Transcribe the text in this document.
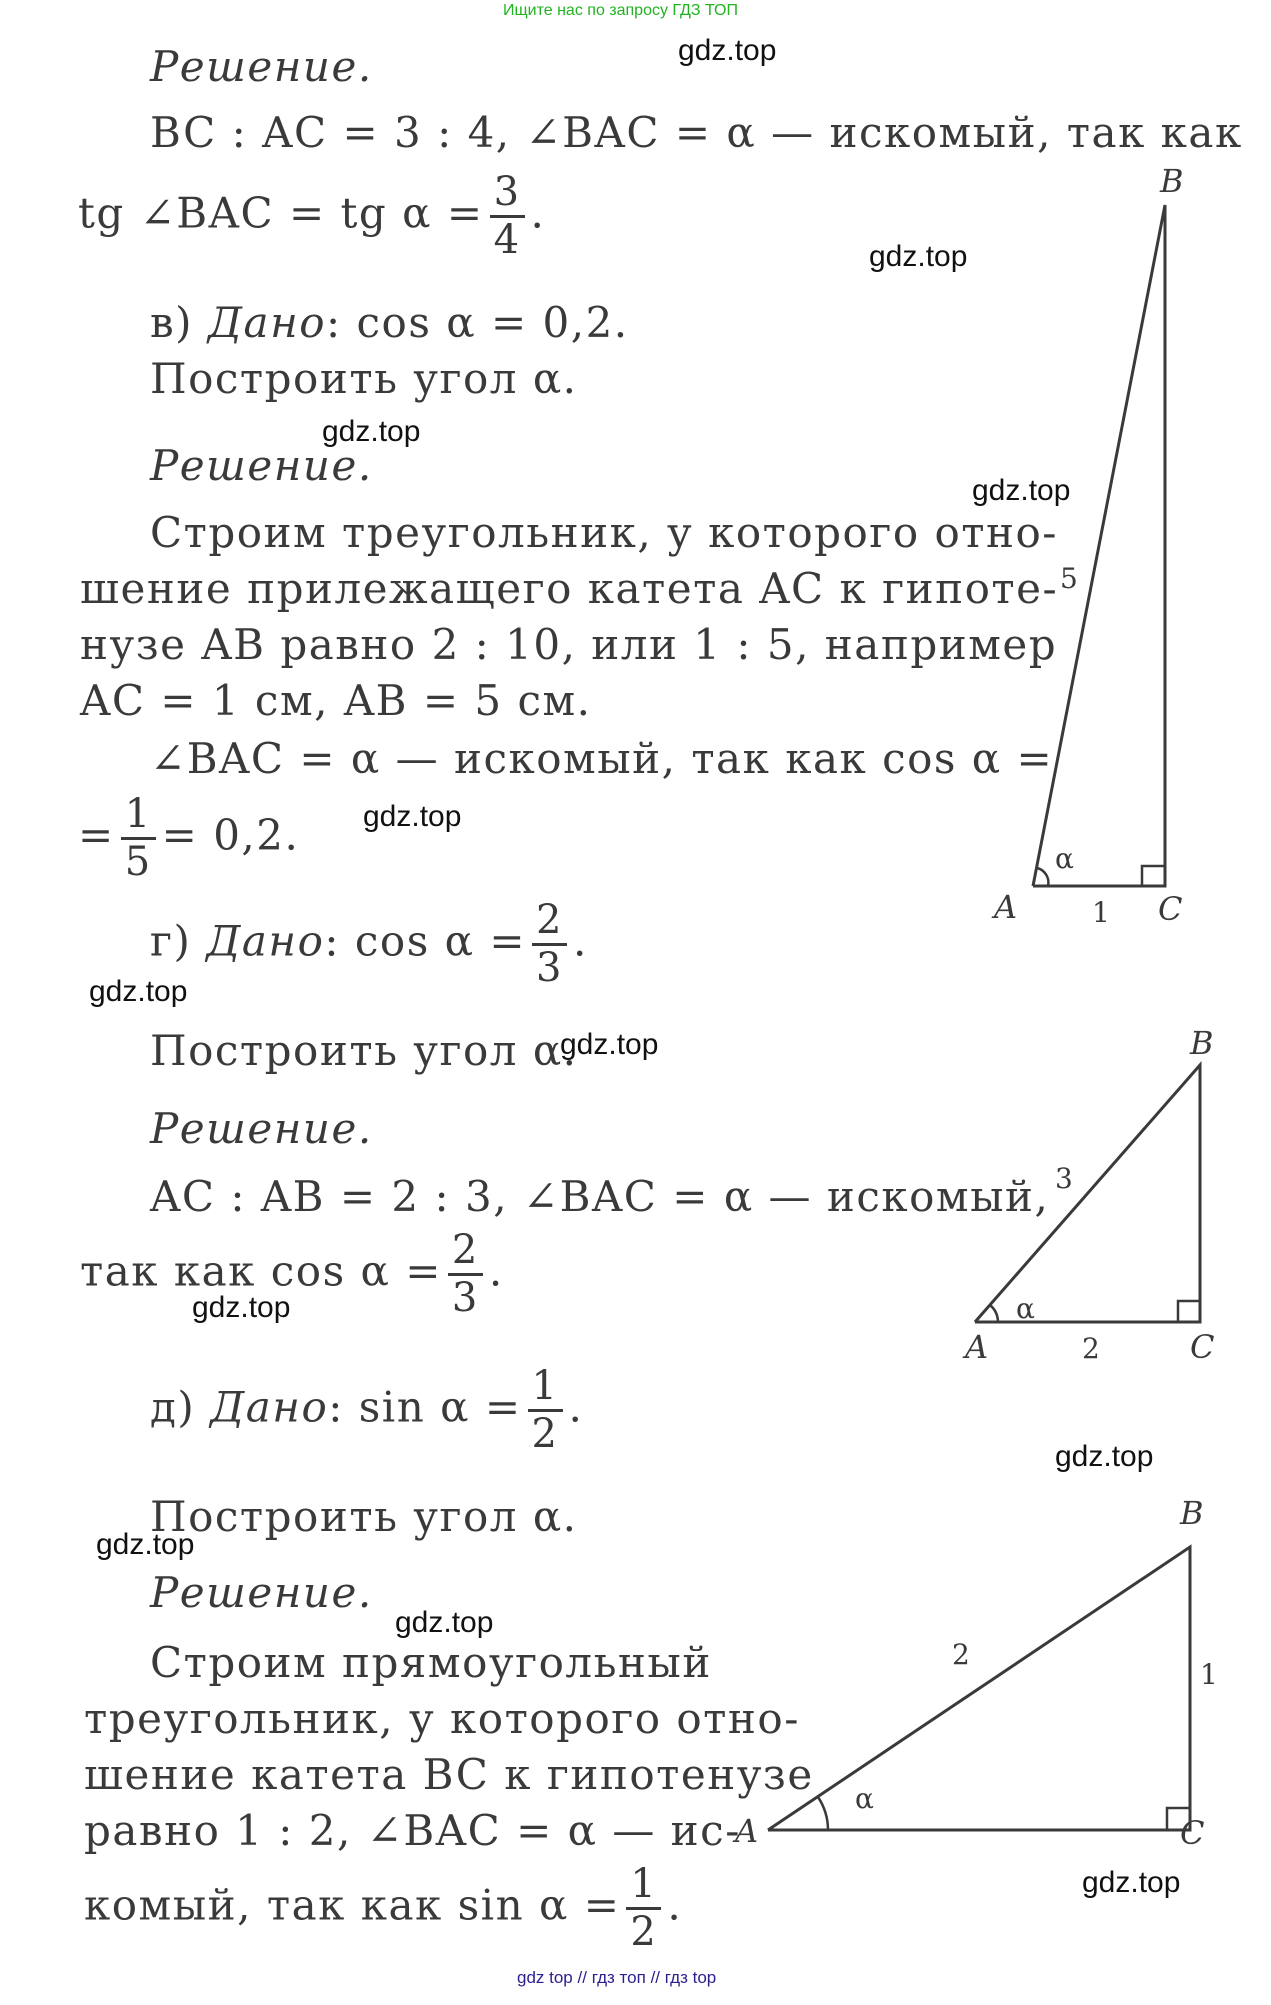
Ищите нас по запросу ГДЗ ТОП
Решение.
BC : AC = 3 : 4, ∠BAC = α — искомый, так как
tg ∠BAC = tg $\alpha = \frac{3}{4}$ .
в) Дано: cos α = 0,2.
Построить угол α.
Решение.
Строим треугольник, у которого отно-
шение прилежащего катета AC к гипоте-
нузе AB равно 2 : 10, или 1 : 5, например
AC = 1 см, AB = 5 см.
∠BAC = α — искомый, так как cos α =
= $\frac{1}{5} = 0,2$.
г) Дано: $\cos \alpha = \frac{2}{3}$ .
Построить угол α.
Решение.
AC : AB = 2 : 3, ∠BAC = α — искомый,
так как $\cos \alpha = \frac{2}{3}$ .
д) Дано: $\sin \alpha = \frac{1}{2}$ .
Построить угол α.
Решение.
Строим прямоугольный
треугольник, у которого отно-
шение катета BC к гипотенузе
равно 1 : 2, ∠BAC = α — ис-
комый, так как $\sin \alpha = \frac{1}{2}$ .
B
A	C
1
5
α
B
A	C
2
3
α
B
A	C
1
2
α
gdz.top
gdz.top
gdz.top
gdz.top
gdz.top
gdz.top
gdz.top
gdz.top
gdz.top
gdz.top
gdz.top
gdz.top
gdz top // гдз топ // гдз top
